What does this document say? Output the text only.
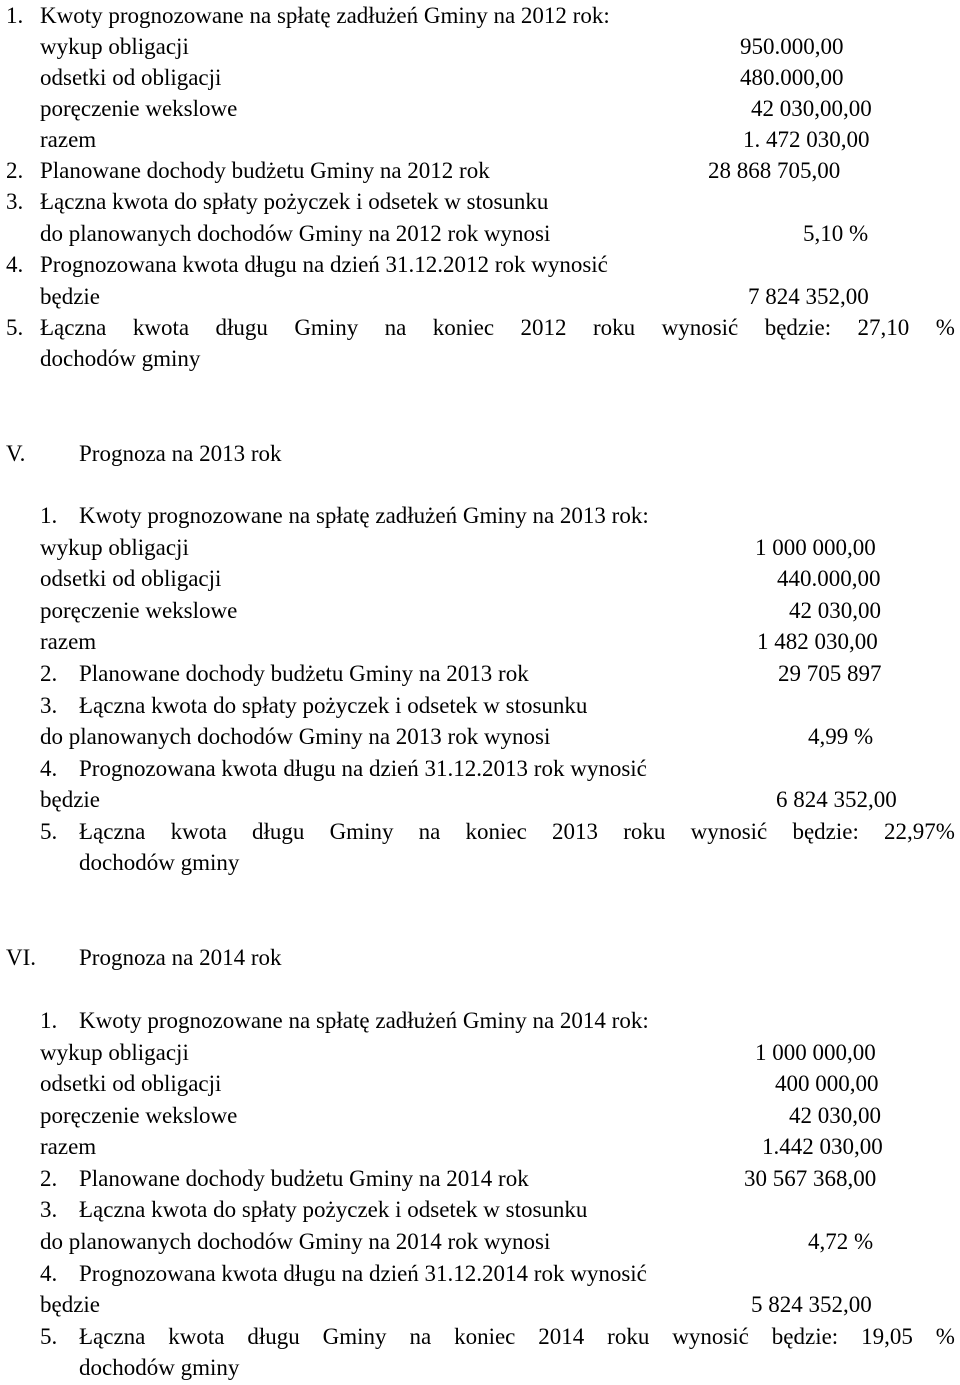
1. Kwoty prognozowane na spłatę zadłużeń Gminy na 2012 rok:
wykup obligacji	950.000,00
odsetki od obligacji	480.000,00
poręczenie wekslowe	42 030,00,00
razem	1. 472 030,00
2. Planowane dochody budżetu Gminy na 2012 rok	28 868 705,00
3. Łączna kwota do spłaty pożyczek i odsetek w stosunku
do planowanych dochodów Gminy na 2012 rok wynosi	5,10 %
4. Prognozowana kwota długu na dzień 31.12.2012 rok wynosić
będzie	7 824 352,00
5. Łączna kwota długu Gminy na koniec 2012 roku wynosić będzie: 27,10 %
dochodów gminy
V. Prognoza na 2013 rok
1. Kwoty prognozowane na spłatę zadłużeń Gminy na 2013 rok:
wykup obligacji	1 000 000,00
odsetki od obligacji	440.000,00
poręczenie wekslowe	42 030,00
razem	1 482 030,00
2. Planowane dochody budżetu Gminy na 2013 rok	29 705 897
3. Łączna kwota do spłaty pożyczek i odsetek w stosunku
do planowanych dochodów Gminy na 2013 rok wynosi	4,99 %
4. Prognozowana kwota długu na dzień 31.12.2013 rok wynosić
będzie	6 824 352,00
5. Łączna kwota długu Gminy na koniec 2013 roku wynosić będzie: 22,97%
dochodów gminy
VI. Prognoza na 2014 rok
1. Kwoty prognozowane na spłatę zadłużeń Gminy na 2014 rok:
wykup obligacji	1 000 000,00
odsetki od obligacji	400 000,00
poręczenie wekslowe	42 030,00
razem	1.442 030,00
2. Planowane dochody budżetu Gminy na 2014 rok	30 567 368,00
3. Łączna kwota do spłaty pożyczek i odsetek w stosunku
do planowanych dochodów Gminy na 2014 rok wynosi	4,72 %
4. Prognozowana kwota długu na dzień 31.12.2014 rok wynosić
będzie	5 824 352,00
5. Łączna kwota długu Gminy na koniec 2014 roku wynosić będzie: 19,05 %
dochodów gminy
